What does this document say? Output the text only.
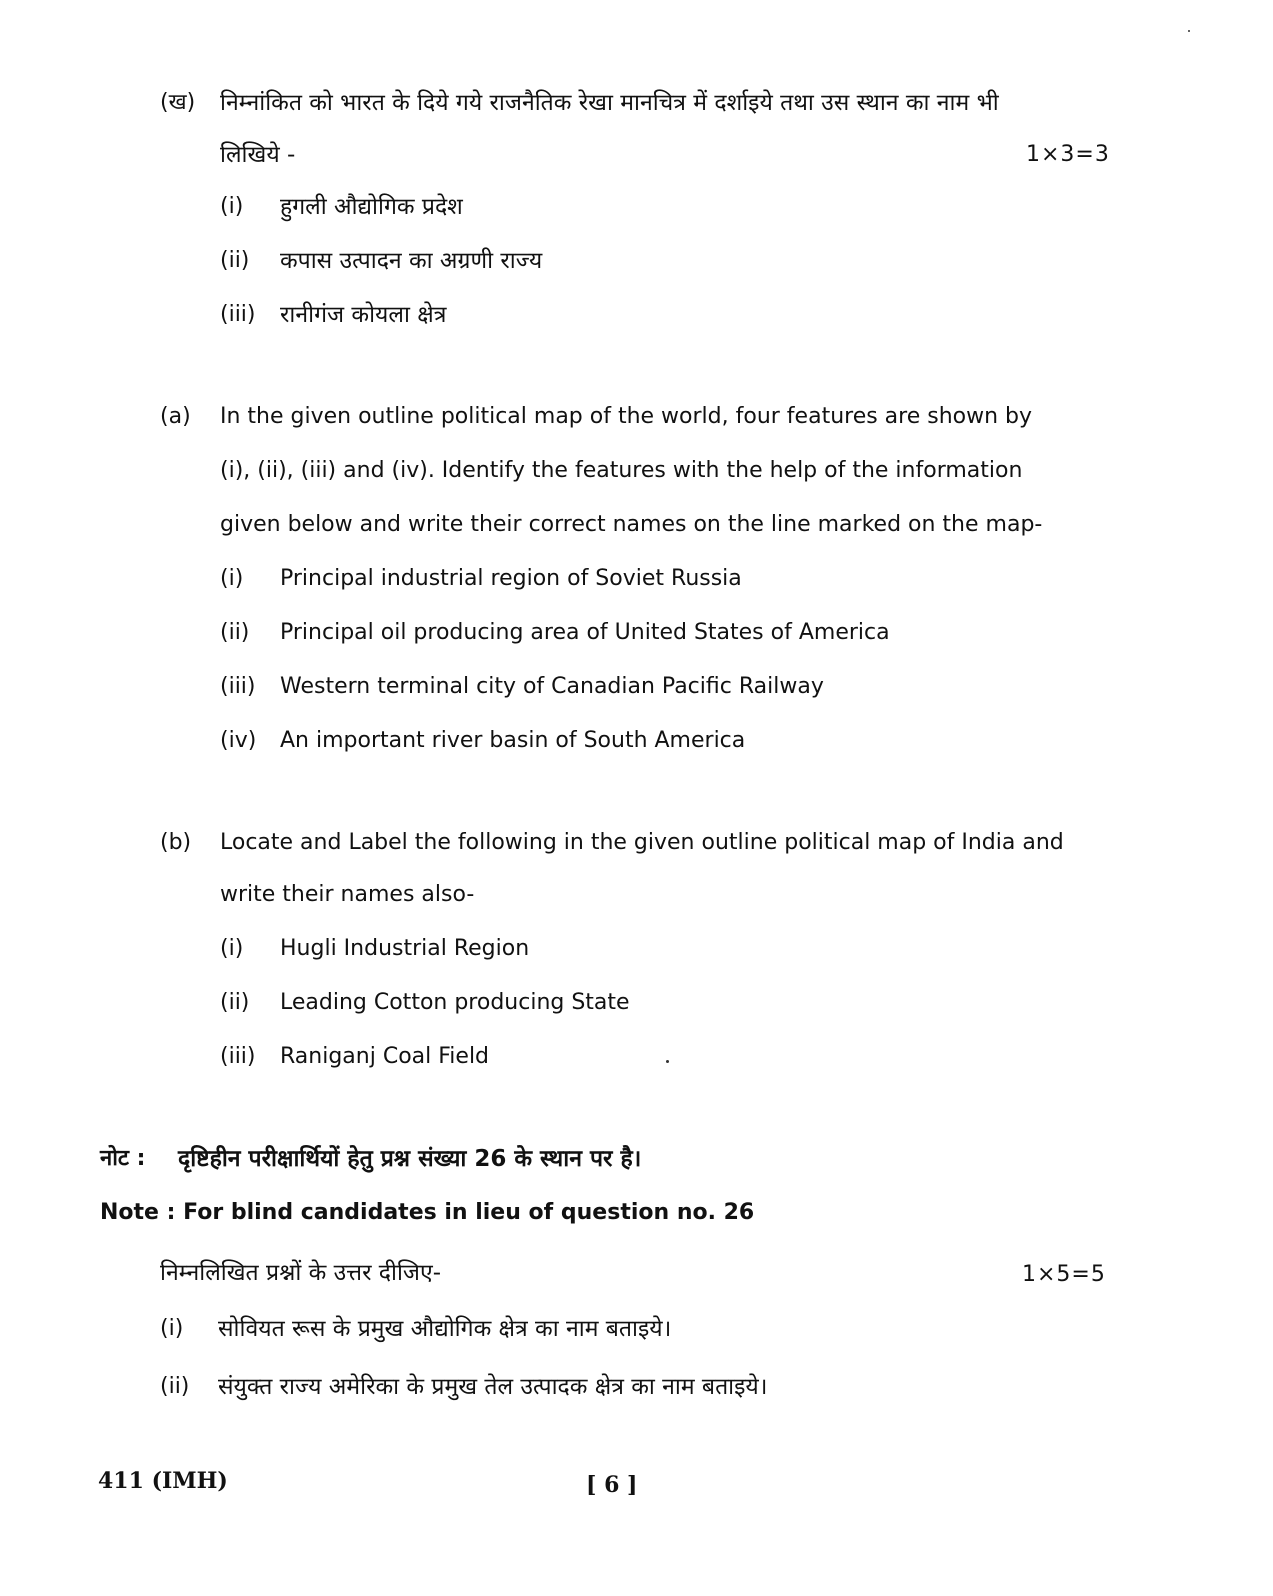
(ख) निम्नांकित को भारत के दिये गये राजनैतिक रेखा मानचित्र में दर्शाइये तथा उस स्थान का नाम भी
लिखिये -	1×3=3
(i) हुगली औद्योगिक प्रदेश
(ii) कपास उत्पादन का अग्रणी राज्य
(iii) रानीगंज कोयला क्षेत्र
(a) In the given outline political map of the world, four features are shown by
(i), (ii), (iii) and (iv). Identify the features with the help of the information
given below and write their correct names on the line marked on the map-
(i) Principal industrial region of Soviet Russia
(ii) Principal oil producing area of United States of America
(iii) Western terminal city of Canadian Pacific Railway
(iv) An important river basin of South America
(b) Locate and Label the following in the given outline political map of India and
write their names also-
(i) Hugli Industrial Region
(ii) Leading Cotton producing State
(iii) Raniganj Coal Field
नोट : दृष्टिहीन परीक्षार्थियों हेतु प्रश्न संख्या 26 के स्थान पर है।
Note : For blind candidates in lieu of question no. 26
निम्नलिखित प्रश्नों के उत्तर दीजिए-	1×5=5
(i) सोवियत रूस के प्रमुख औद्योगिक क्षेत्र का नाम बताइये।
(ii) संयुक्त राज्य अमेरिका के प्रमुख तेल उत्पादक क्षेत्र का नाम बताइये।
411 (IMH)	[ 6 ]
